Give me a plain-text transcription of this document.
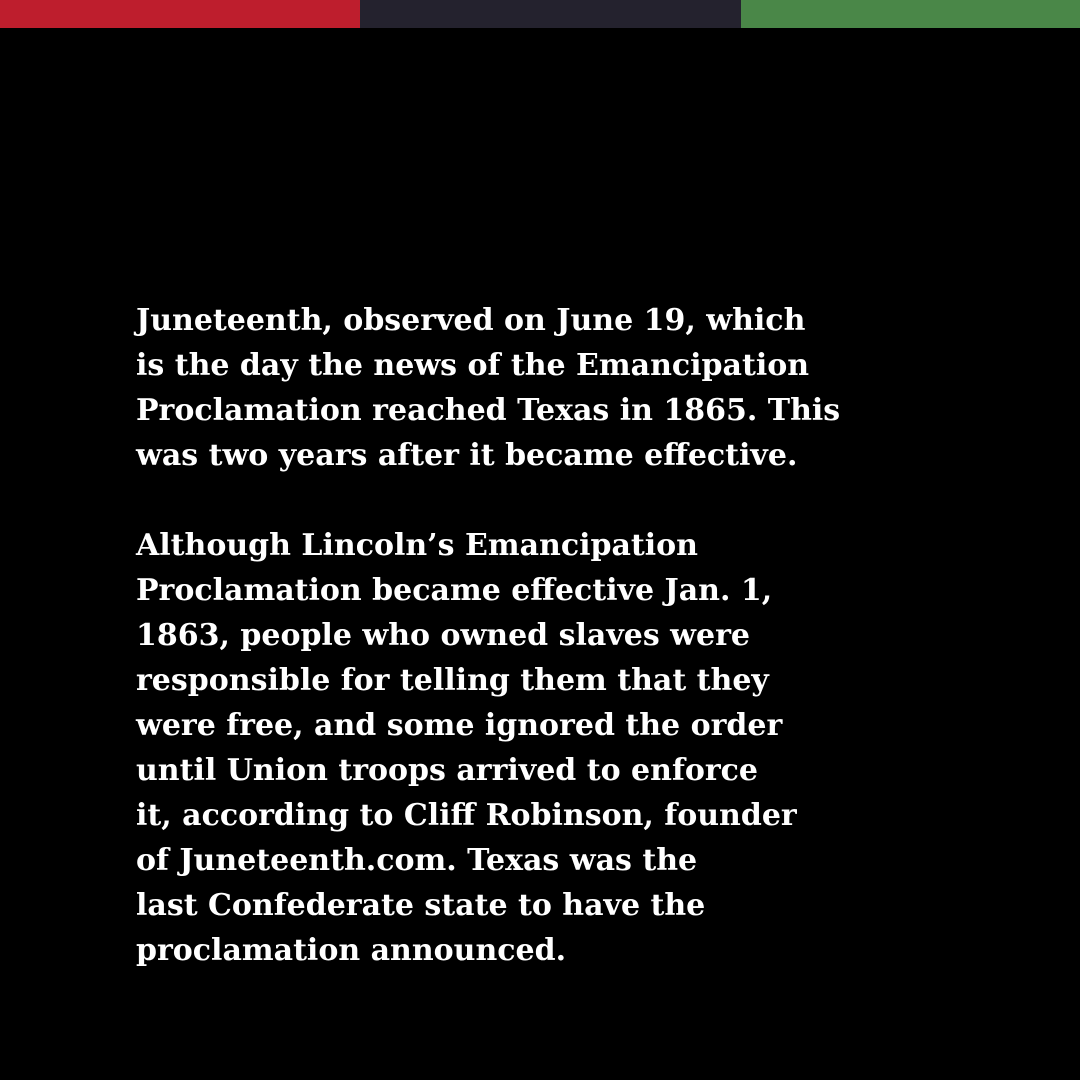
Juneteenth, observed on June 19, which
is the day the news of the Emancipation
Proclamation reached Texas in 1865. This
was two years after it became effective.
Although Lincoln’s Emancipation
Proclamation became effective Jan. 1,
1863, people who owned slaves were
responsible for telling them that they
were free, and some ignored the order
until Union troops arrived to enforce
it, according to Cliff Robinson, founder
of Juneteenth.com. Texas was the
last Confederate state to have the
proclamation announced.
